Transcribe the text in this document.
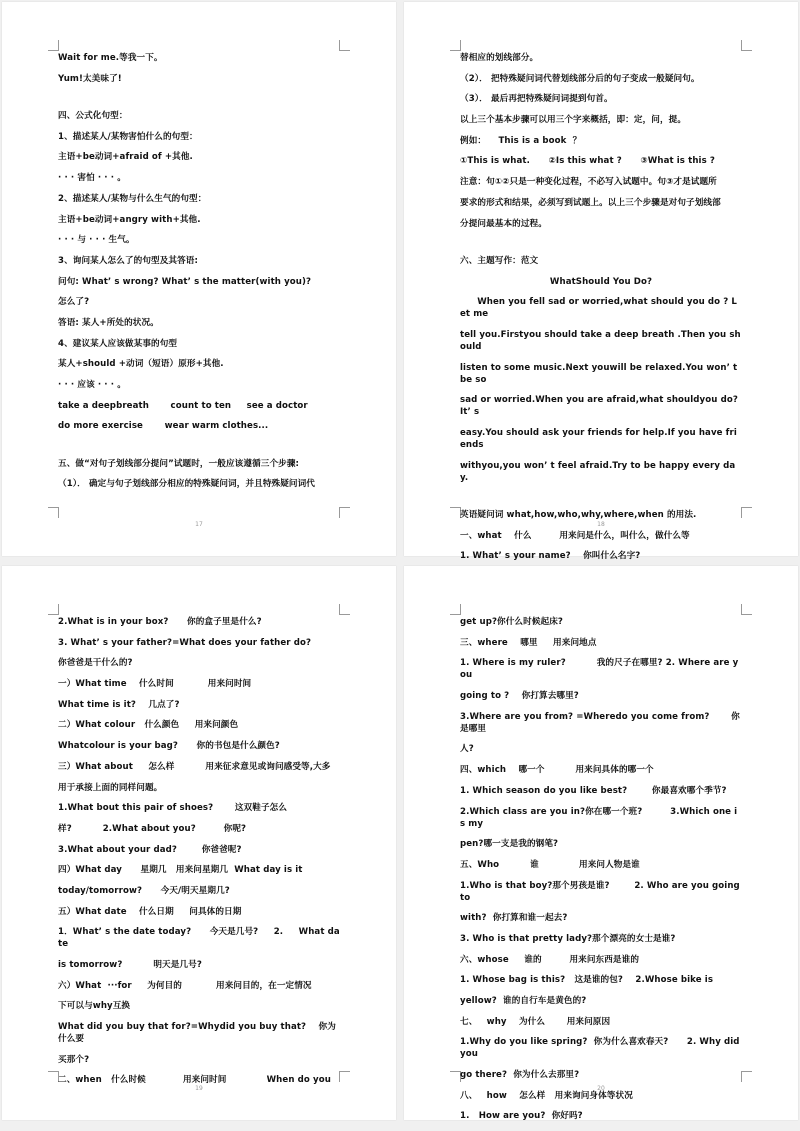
Wait for me.等我一下。
Yum!太美味了!
四、公式化句型：
1、描述某人/某物害怕什么的句型：
主语+be动词+afraid of +其他.
· · · 害怕 · · · 。
2、描述某人/某物与什么生气的句型：
主语+be动词+angry with+其他.
· · · 与 · · · 生气。
3、询问某人怎么了的句型及其答语:
问句: What’ s wrong? What’ s the matter(with you)?
怎么了?
答语: 某人+所处的状况。
4、建议某人应该做某事的句型
某人+should +动词（短语）原形+其他.
· · · 应该 · · · 。
take a deepbreath       count to ten     see a doctor
do more exercise       wear warm clothes...
五、做“对句子划线部分提问”试题时，一般应该遵循三个步骤:
（1）． 确定与句子划线部分相应的特殊疑问词，并且特殊疑问词代
17
替相应的划线部分。
（2）． 把特殊疑问词代替划线部分后的句子变成一般疑问句。
（3）． 最后再把特殊疑问词提到句首。
以上三个基本步骤可以用三个字来概括，即：定，问，提。
例如：    This is a book  ？
①This is what.      ②Is this what ?      ③What is this ?
注意：句①②只是一种变化过程，不必写入试题中。句③才是试题所
要求的形式和结果，必须写到试题上。以上三个步骤是对句子划线部
分提问最基本的过程。
六、主题写作：范文
WhatShould You Do?
When you fell sad or worried,what should you do ? Let me
tell you.Firstyou should take a deep breath .Then you should
listen to some music.Next youwill be relaxed.You won’ t be so
sad or worried.When you are afraid,what shouldyou do? It’ s
easy.You should ask your friends for help.If you have friends
withyou,you won’ t feel afraid.Try to be happy every day.
英语疑问词 what,how,who,why,where,when 的用法.
一、what    什么         用来问是什么，叫什么，做什么等
1. What’ s your name?    你叫什么名字?
18
2.What is in your box?      你的盒子里是什么?
3. What’ s your father?=What does your father do?
你爸爸是干什么的?
一）What time    什么时间           用来问时间
What time is it?    几点了?
二）What colour   什么颜色     用来问颜色
Whatcolour is your bag?      你的书包是什么颜色?
三）What about     怎么样          用来征求意见或询问感受等,大多
用于承接上面的同样问题。
1.What bout this pair of shoes?       这双鞋子怎么
样?          2.What about you?         你呢?
3.What about your dad?        你爸爸呢?
四）What day      星期几   用来问星期几  What day is it
today/tomorrow?      今天/明天星期几?
五）What date    什么日期     问具体的日期
1．What’ s the date today?      今天是几号?     2.     What date
is tomorrow?          明天是几号?
六）What  ···for     为何目的           用来问目的，在一定情况
下可以与why互换
What did you buy that for?=Whydid you buy that?    你为什么要
买那个?
二、when   什么时候            用来问时间             When do you
19
get up?你什么时候起床?
三、where    哪里     用来问地点
1. Where is my ruler?          我的尺子在哪里? 2. Where are you
going to ?    你打算去哪里?
3.Where are you from? =Wheredo you come from?       你是哪里
人?
四、which    哪一个          用来问具体的哪一个
1. Which season do you like best?        你最喜欢哪个季节?
2.Which class are you in?你在哪一个班?         3.Which one is my
pen?哪一支是我的钢笔?
五、Who          谁             用来问人物是谁
1.Who is that boy?那个男孩是谁?        2. Who are you going to
with?  你打算和谁一起去?
3. Who is that pretty lady?那个漂亮的女士是谁?
六、whose     谁的         用来问东西是谁的
1. Whose bag is this?   这是谁的包?    2.Whose bike is
yellow?  谁的自行车是黄色的?
七、   why    为什么       用来问原因
1.Why do you like spring?  你为什么喜欢春天?      2. Why did you
go there?  你为什么去那里?
八、   how    怎么样   用来询问身体等状况
1.   How are you?  你好吗?
20
